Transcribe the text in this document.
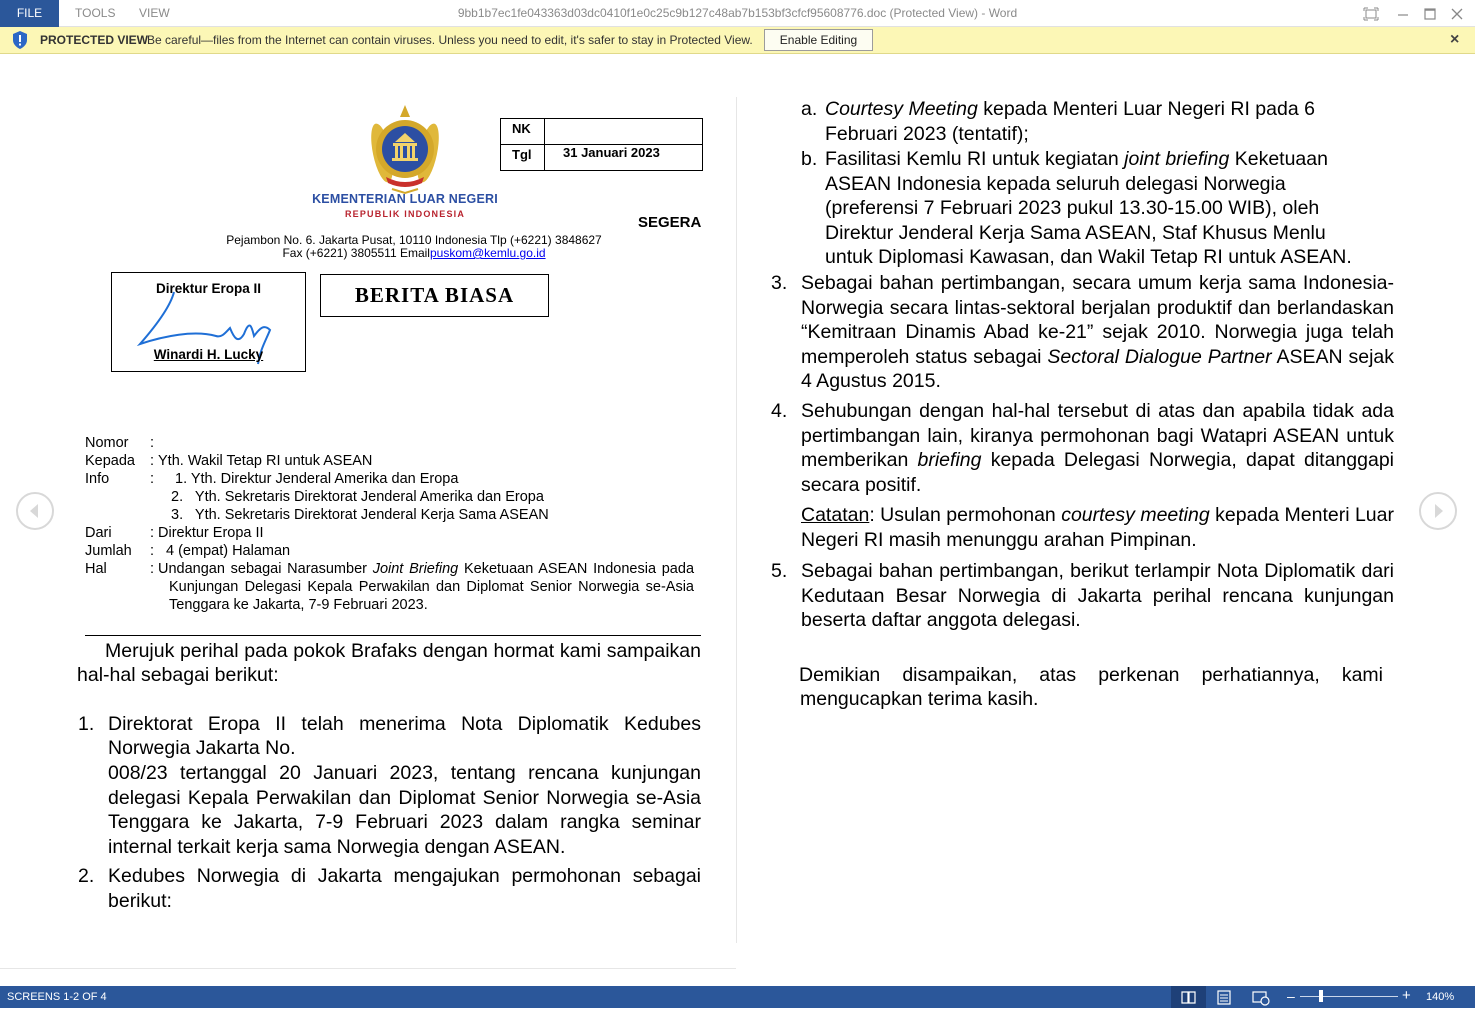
FILE	TOOLS VIEW	9bb1b7ec1fe043363d03dc0410f1e0c25c9b127c48ab7b153bf3cfcf95608776.doc (Protected View) - Word
PROTECTED VIEW
Be careful—files from the Internet can contain viruses. Unless you need to edit, it's safer to stay in Protected View.	Enable Editing	×
KEMENTERIAN LUAR NEGERI
REPUBLIK INDONESIA
NK
Tgl 31 Januari 2023
SEGERA
Pejambon No. 6. Jakarta Pusat, 10110 Indonesia Tlp (+6221) 3848627
Fax (+6221) 3805511 Emailpuskom@kemlu.go.id
Direktur Eropa II
Winardi H. Lucky
BERITA BIASA
Nomor :
Kepada : Yth. Wakil Tetap RI untuk ASEAN
Info	: 1. Yth. Direktur Jenderal Amerika dan Eropa
2.   Yth. Sekretaris Direktorat Jenderal Amerika dan Eropa
3.   Yth. Sekretaris Direktorat Jenderal Kerja Sama ASEAN
Dari	: Direktur Eropa II
Jumlah : 4 (empat) Halaman
Hal	: Undangan sebagai Narasumber Joint Briefing Keketuaan ASEAN Indonesia pada
Kunjungan Delegasi Kepala Perwakilan dan Diplomat Senior Norwegia se-Asia
Tenggara ke Jakarta, 7-9 Februari 2023.
Merujuk perihal pada pokok Brafaks dengan hormat kami sampaikan
hal-hal sebagai berikut:
1. Direktorat Eropa II telah menerima Nota Diplomatik Kedubes
Norwegia Jakarta No.
008/23 tertanggal 20 Januari 2023, tentang rencana kunjungan delegasi Kepala Perwakilan dan Diplomat Senior Norwegia se-Asia Tenggara ke Jakarta, 7-9 Februari 2023 dalam rangka seminar internal terkait kerja sama Norwegia dengan ASEAN.
2. Kedubes Norwegia di Jakarta mengajukan permohonan sebagai berikut:
a. Courtesy Meeting kepada Menteri Luar Negeri RI pada 6 Februari 2023 (tentatif);
b. Fasilitasi Kemlu RI untuk kegiatan joint briefing Keketuaan ASEAN Indonesia kepada seluruh delegasi Norwegia (preferensi 7 Februari 2023 pukul 13.30-15.00 WIB), oleh Direktur Jenderal Kerja Sama ASEAN, Staf Khusus Menlu untuk Diplomasi Kawasan, dan Wakil Tetap RI untuk ASEAN.
3. Sebagai bahan pertimbangan, secara umum kerja sama Indonesia-Norwegia secara lintas-sektoral berjalan produktif dan berlandaskan “Kemitraan Dinamis Abad ke-21” sejak 2010. Norwegia juga telah memperoleh status sebagai Sectoral Dialogue Partner ASEAN sejak 4 Agustus 2015.
4. Sehubungan dengan hal-hal tersebut di atas dan apabila tidak ada pertimbangan lain, kiranya permohonan bagi Watapri ASEAN untuk memberikan briefing kepada Delegasi Norwegia, dapat ditanggapi secara positif.
Catatan: Usulan permohonan courtesy meeting kepada Menteri Luar Negeri RI masih menunggu arahan Pimpinan.
5. Sebagai bahan pertimbangan, berikut terlampir Nota Diplomatik dari Kedutaan Besar Norwegia di Jakarta perihal rencana kunjungan beserta daftar anggota delegasi.
Demikian disampaikan, atas perkenan perhatiannya, kami
mengucapkan terima kasih.
SCREENS 1-2 OF 4	–	+ 140%
